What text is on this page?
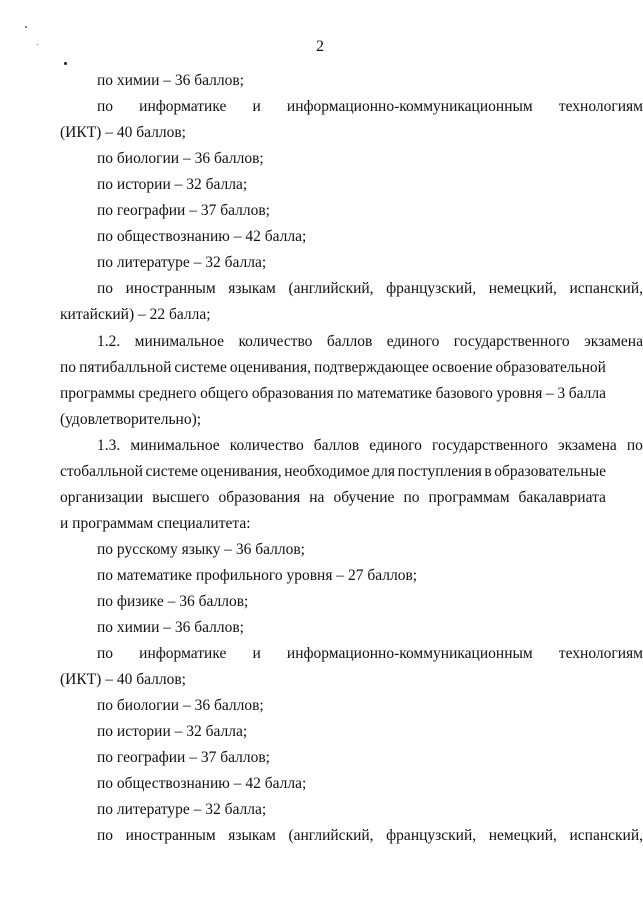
2
по химии – 36 баллов;
по информатике и информационно-коммуникационным технологиям
(ИКТ) – 40 баллов;
по биологии – 36 баллов;
по истории – 32 балла;
по географии – 37 баллов;
по обществознанию – 42 балла;
по литературе – 32 балла;
по иностранным языкам (английский, французский, немецкий, испанский,
китайский) – 22 балла;
1.2. минимальное количество баллов единого государственного экзамена
по пятибалльной системе оценивания, подтверждающее освоение образовательной
программы среднего общего образования по математике базового уровня – 3 балла
(удовлетворительно);
1.3. минимальное количество баллов единого государственного экзамена по
стобалльной системе оценивания, необходимое для поступления в образовательные
организации высшего образования на обучение по программам бакалавриата
и программам специалитета:
по русскому языку – 36 баллов;
по математике профильного уровня – 27 баллов;
по физике – 36 баллов;
по химии – 36 баллов;
по информатике и информационно-коммуникационным технологиям
(ИКТ) – 40 баллов;
по биологии – 36 баллов;
по истории – 32 балла;
по географии – 37 баллов;
по обществознанию – 42 балла;
по литературе – 32 балла;
по иностранным языкам (английский, французский, немецкий, испанский,
